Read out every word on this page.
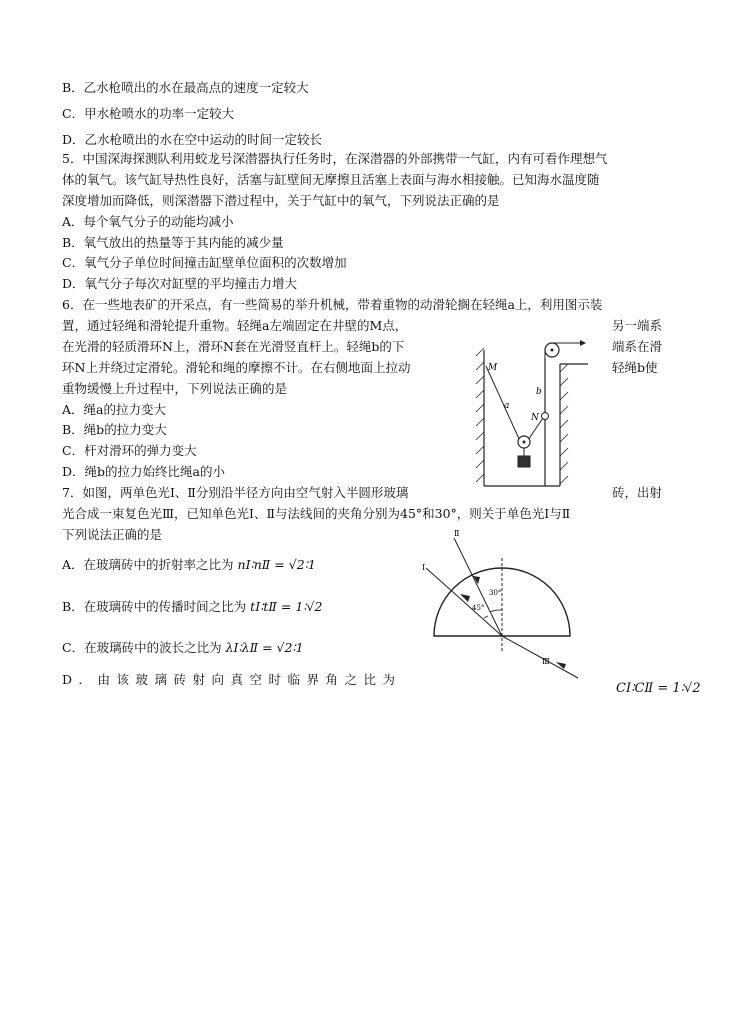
B．乙水枪喷出的水在最高点的速度一定较大
C．甲水枪喷水的功率一定较大
D．乙水枪喷出的水在空中运动的时间一定较长
5．中国深海探测队利用蛟龙号深潜器执行任务时，在深潜器的外部携带一气缸，内有可看作理想气
体的氧气。该气缸导热性良好，活塞与缸壁间无摩擦且活塞上表面与海水相接触。已知海水温度随
深度增加而降低，则深潜器下潜过程中，关于气缸中的氧气，下列说法正确的是
A．每个氧气分子的动能均减小
B．氧气放出的热量等于其内能的减少量
C．氧气分子单位时间撞击缸壁单位面积的次数增加
D．氧气分子每次对缸壁的平均撞击力增大
6．在一些地表矿的开采点，有一些简易的举升机械，带着重物的动滑轮搁在轻绳a上，利用图示装
置，通过轻绳和滑轮提升重物。轻绳a左端固定在井壁的M点，	另一端系
在光滑的轻质滑环N上，滑环N套在光滑竖直杆上。轻绳b的下	端系在滑
环N上并绕过定滑轮。滑轮和绳的摩擦不计。在右侧地面上拉动	轻绳b使
重物缓慢上升过程中，下列说法正确的是
A．绳a的拉力变大
B．绳b的拉力变大
C．杆对滑环的弹力变大
D．绳b的拉力始终比绳a的小
M
a
b
N
7．如图，两单色光Ⅰ、Ⅱ分别沿半径方向由空气射入半圆形玻璃	砖，出射
光合成一束复色光Ⅲ，已知单色光Ⅰ、Ⅱ与法线间的夹角分别为45°和30°，则关于单色光Ⅰ与Ⅱ
下列说法正确的是
A．在玻璃砖中的折射率之比为 nⅠ∶nⅡ = √2∶1
B．在玻璃砖中的传播时间之比为 tⅠ∶tⅡ = 1∶√2
C．在玻璃砖中的波长之比为 λⅠ∶λⅡ = √2∶1
D．由该玻璃砖射向真空时临界角之比为
CⅠ∶CⅡ = 1∶√2
Ⅱ
Ⅰ
Ⅲ
30°
45°
